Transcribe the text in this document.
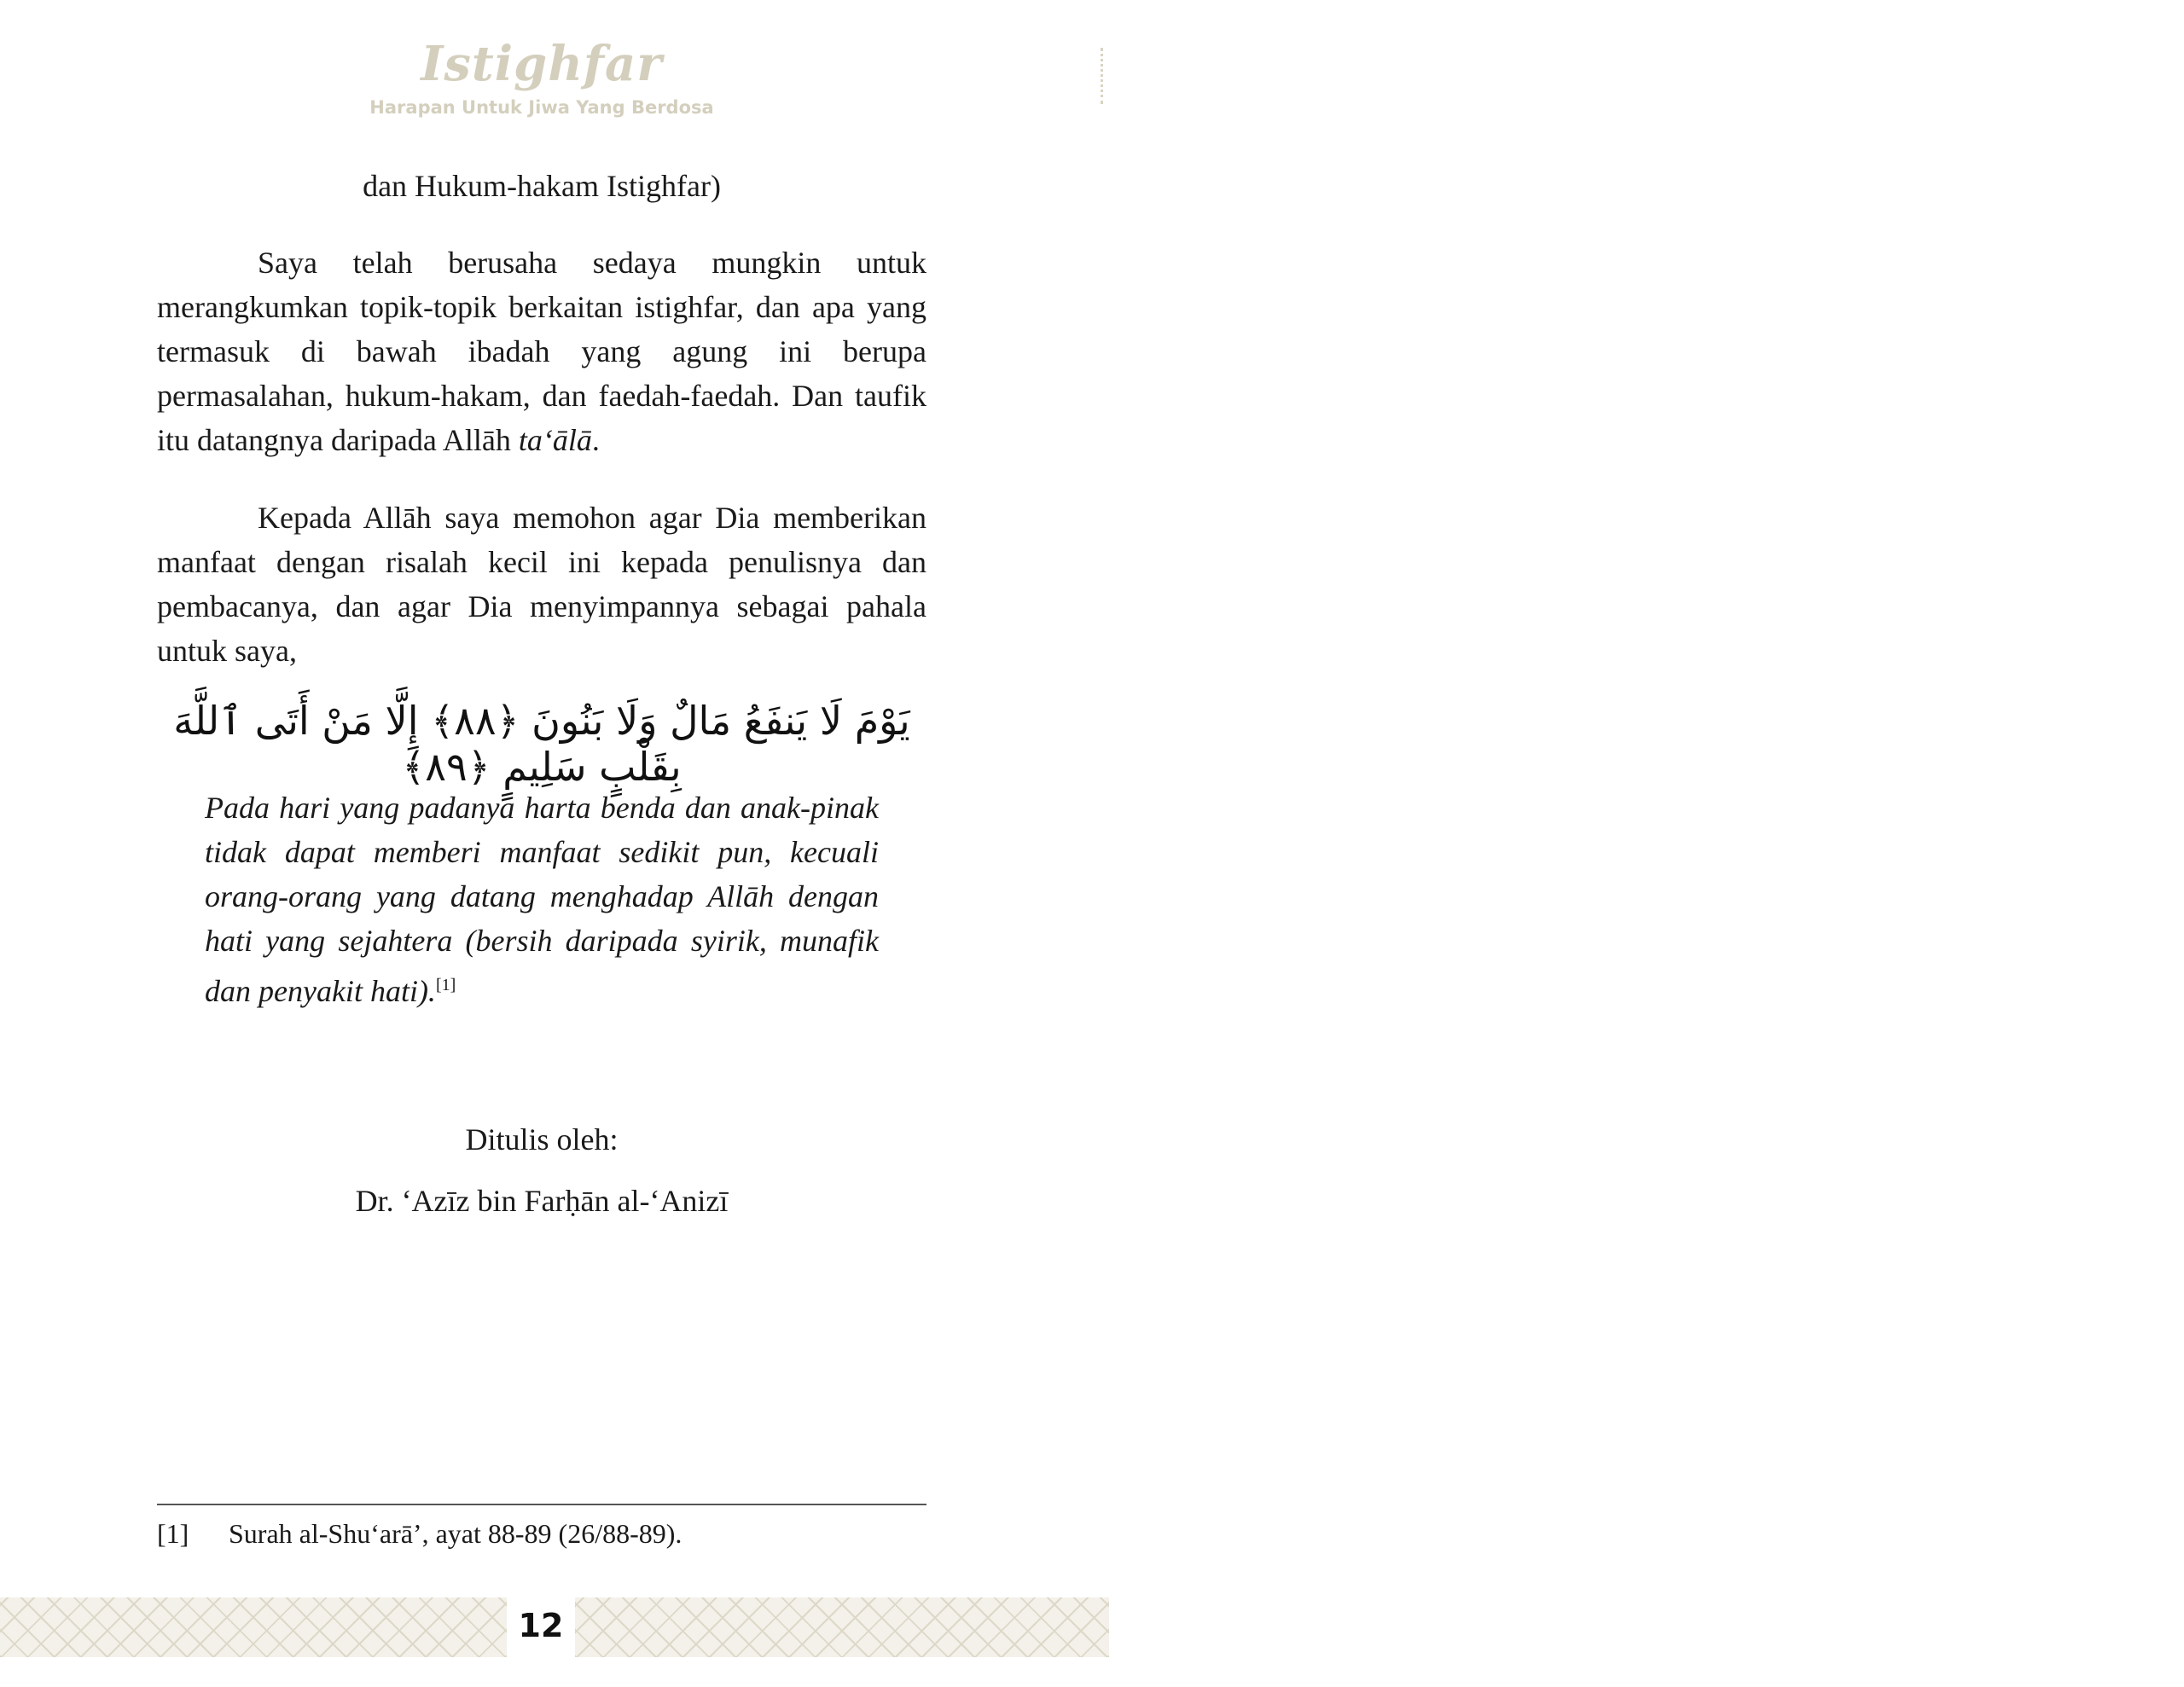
Istighfar
Harapan Untuk Jiwa Yang Berdosa

dan Hukum-hakam Istighfar)

Saya telah berusaha sedaya mungkin untuk merangkumkan topik-topik berkaitan istighfar, dan apa yang termasuk di bawah ibadah yang agung ini berupa permasalahan, hukum-hakam, dan faedah-faedah. Dan taufik itu datangnya daripada Allāh ta‘ālā.

Kepada Allāh saya memohon agar Dia memberikan manfaat dengan risalah kecil ini kepada penulisnya dan pembacanya, dan agar Dia menyimpannya sebagai pahala untuk saya,

يَوْمَ لَا يَنفَعُ مَالٌ وَلَا بَنُونَ ﴿٨٨﴾ إِلَّا مَنْ أَتَى ٱللَّهَ بِقَلْبٍ سَلِيمٍ ﴿٨٩﴾

Pada hari yang padanya harta benda dan anak-pinak tidak dapat memberi manfaat sedikit pun, kecuali orang-orang yang datang menghadap Allāh dengan hati yang sejahtera (bersih daripada syirik, munafik dan penyakit hati).[1]

Ditulis oleh:

Dr. ‘Azīz bin Farḥān al-‘Anizī

[1] Surah al-Shu‘arā’, ayat 88-89 (26/88-89).
12
